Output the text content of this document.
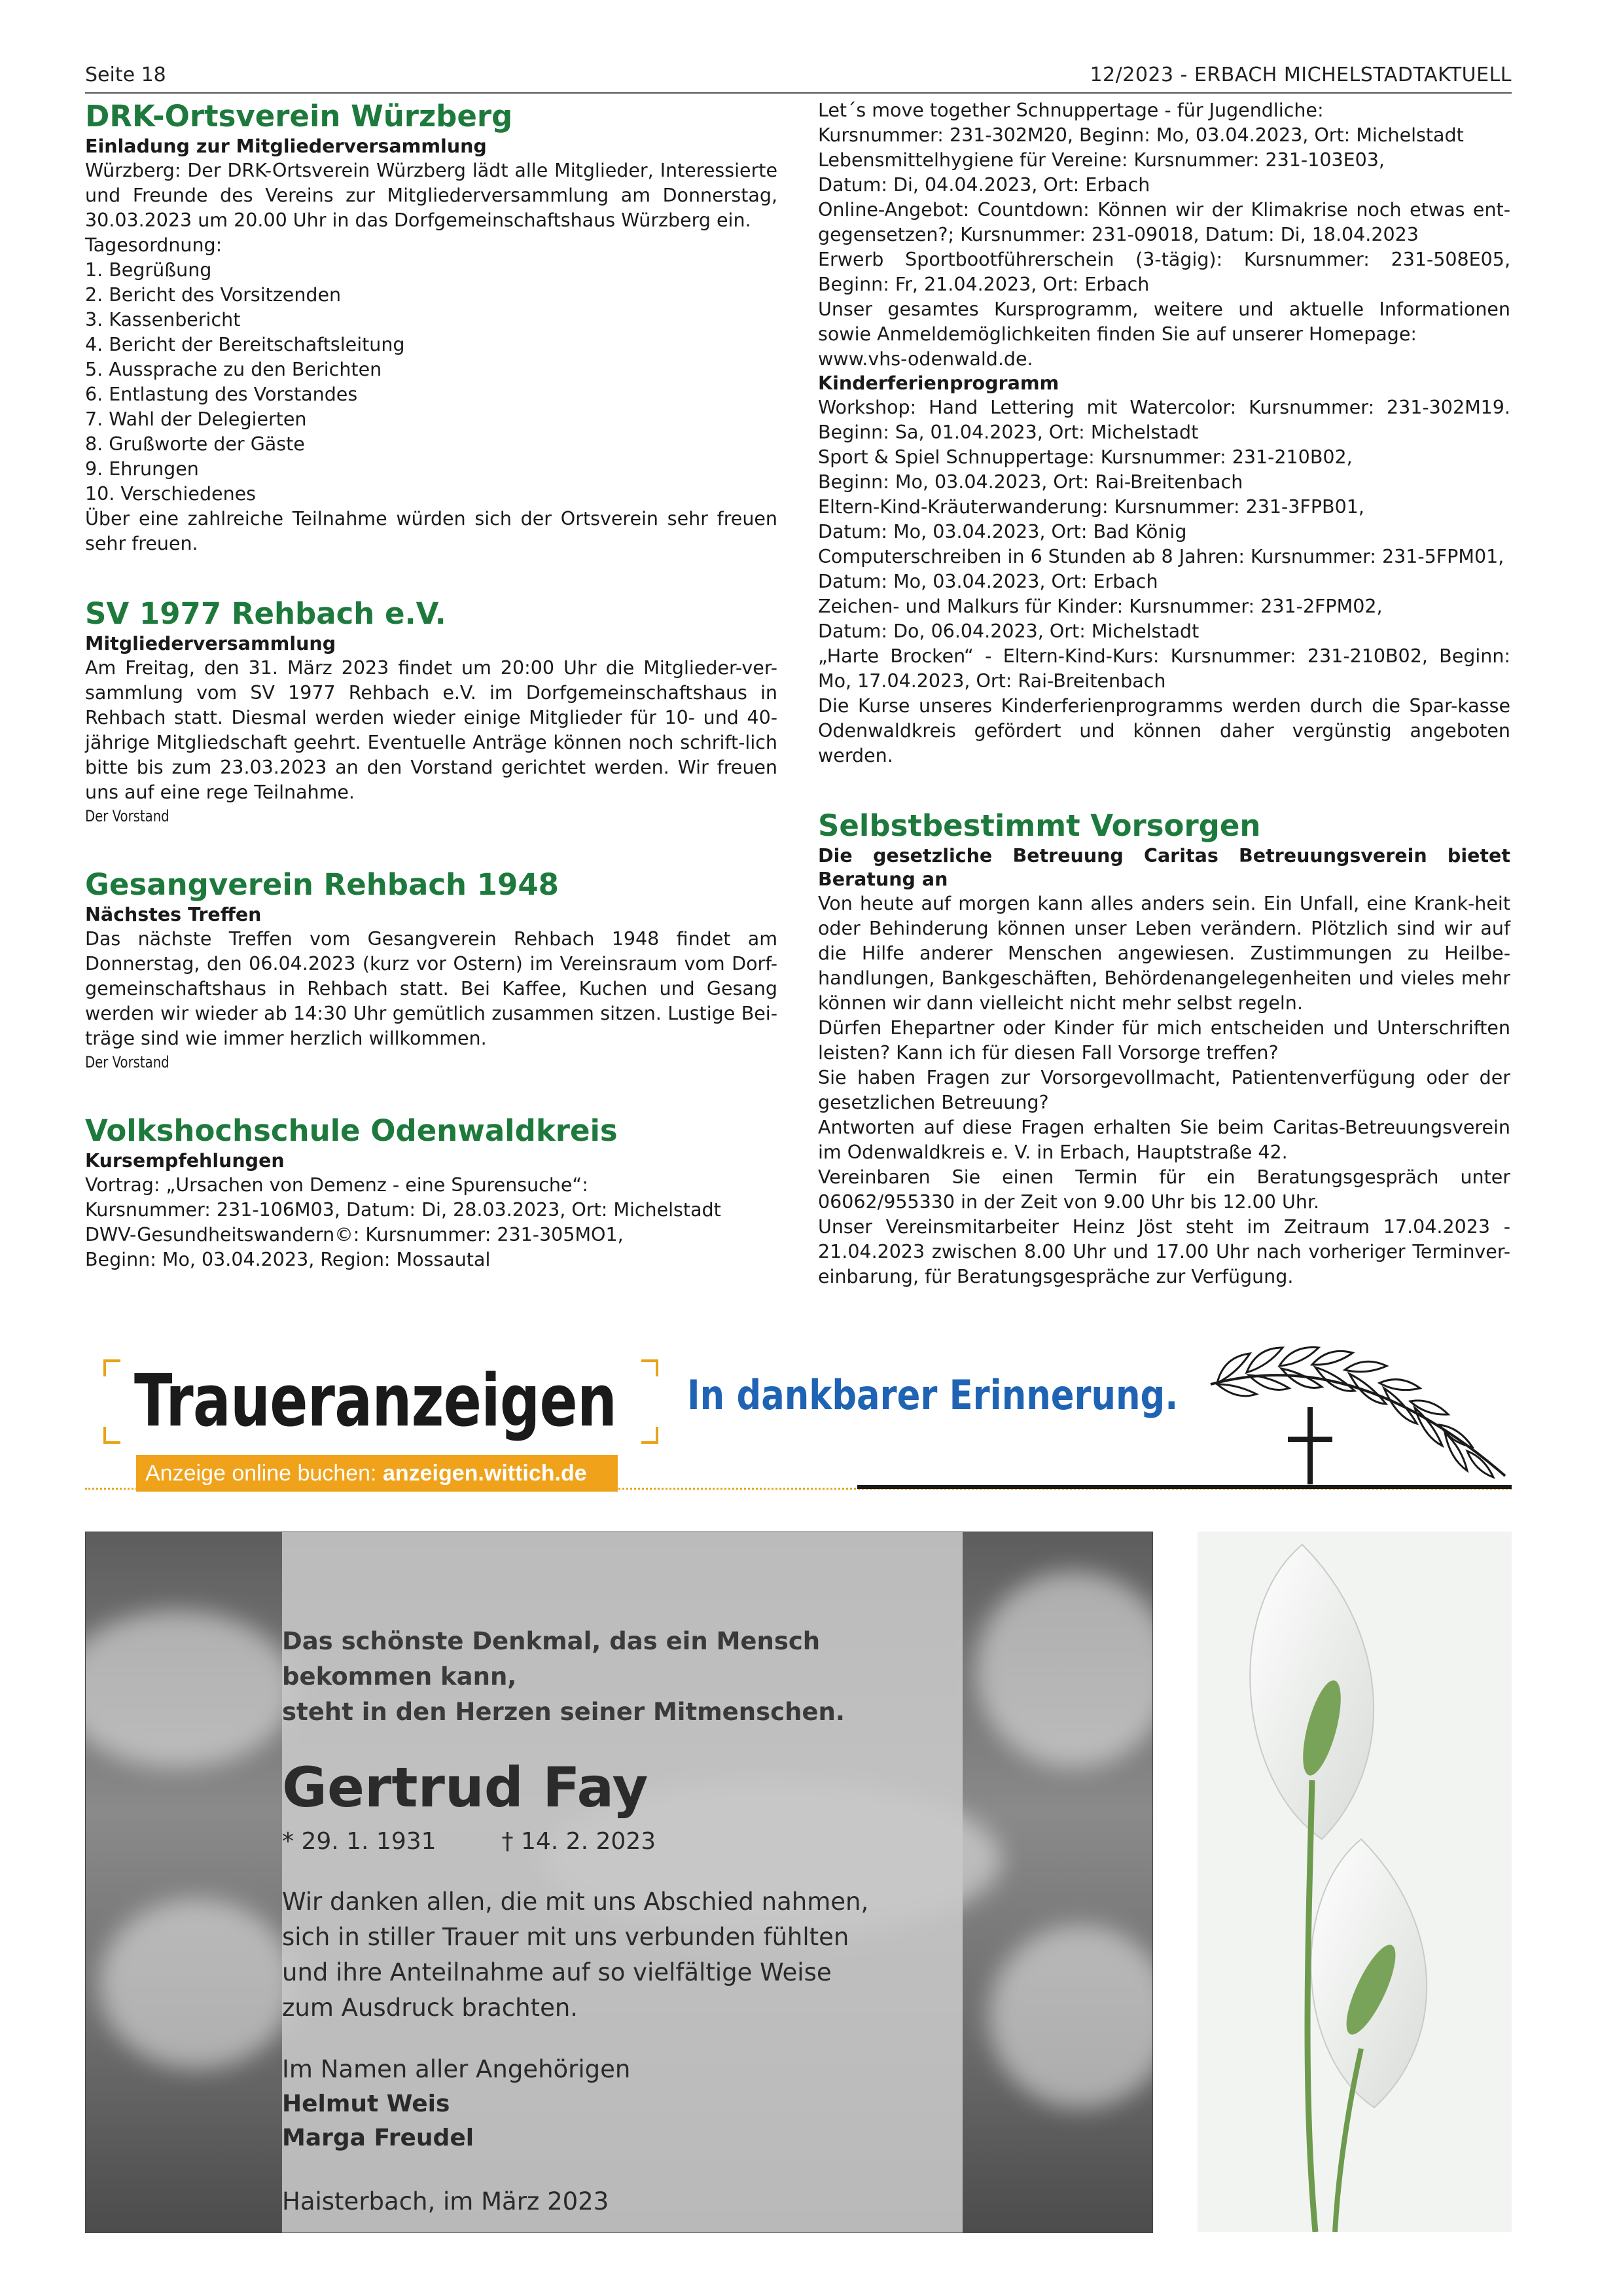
Seite 18	12/2023 - ERBACH MICHELSTADTAKTUELL
DRK-Ortsverein Würzberg

Einladung zur Mitgliederversammlung

Würzberg: Der DRK-Ortsverein Würzberg lädt alle Mitglieder, Interessierte und Freunde des Vereins zur Mitgliederversammlung am Donnerstag, 30.03.2023 um 20.00 Uhr in das Dorfgemeinschaftshaus Würzberg ein.

Tagesordnung:

1. Begrüßung

2. Bericht des Vorsitzenden

3. Kassenbericht

4. Bericht der Bereitschaftsleitung

5. Aussprache zu den Berichten

6. Entlastung des Vorstandes

7. Wahl der Delegierten

8. Grußworte der Gäste

9. Ehrungen

10. Verschiedenes

Über eine zahlreiche Teilnahme würden sich der Ortsverein sehr freuen sehr freuen.

SV 1977 Rehbach e.V.

Mitgliederversammlung

Am Freitag, den 31. März 2023 findet um 20:00 Uhr die Mitglieder-ver-sammlung vom SV 1977 Rehbach e.V. im Dorfgemeinschaftshaus in Rehbach statt. Diesmal werden wieder einige Mitglieder für 10- und 40-jährige Mitgliedschaft geehrt. Eventuelle Anträge können noch schrift-lich bitte bis zum 23.03.2023 an den Vorstand gerichtet werden. Wir freuen uns auf eine rege Teilnahme.

Der Vorstand

Gesangverein Rehbach 1948

Nächstes Treffen

Das nächste Treffen vom Gesangverein Rehbach 1948 findet am Donnerstag, den 06.04.2023 (kurz vor Ostern) im Vereinsraum vom Dorf-gemeinschaftshaus in Rehbach statt. Bei Kaffee, Kuchen und Gesang werden wir wieder ab 14:30 Uhr gemütlich zusammen sitzen. Lustige Bei-träge sind wie immer herzlich willkommen.

Der Vorstand

Volkshochschule Odenwaldkreis

Kursempfehlungen

Vortrag: „Ursachen von Demenz - eine Spurensuche“:

Kursnummer: 231-106M03, Datum: Di, 28.03.2023, Ort: Michelstadt

DWV-Gesundheitswandern©: Kursnummer: 231-305MO1,

Beginn: Mo, 03.04.2023, Region: Mossautal

Let´s move together Schnuppertage - für Jugendliche:

Kursnummer: 231-302M20, Beginn: Mo, 03.04.2023, Ort: Michelstadt

Lebensmittelhygiene für Vereine: Kursnummer: 231-103E03,

Datum: Di, 04.04.2023, Ort: Erbach

Online-Angebot: Countdown: Können wir der Klimakrise noch etwas ent-gegensetzen?; Kursnummer: 231-09018, Datum: Di, 18.04.2023

Erwerb Sportbootführerschein (3-tägig): Kursnummer: 231-508E05, Beginn: Fr, 21.04.2023, Ort: Erbach

Unser gesamtes Kursprogramm, weitere und aktuelle Informationen sowie Anmeldemöglichkeiten finden Sie auf unserer Homepage:

www.vhs-odenwald.de.

Kinderferienprogramm

Workshop: Hand Lettering mit Watercolor: Kursnummer: 231-302M19. Beginn: Sa, 01.04.2023, Ort: Michelstadt

Sport & Spiel Schnuppertage: Kursnummer: 231-210B02,

Beginn: Mo, 03.04.2023, Ort: Rai-Breitenbach

Eltern-Kind-Kräuterwanderung: Kursnummer: 231-3FPB01,

Datum: Mo, 03.04.2023, Ort: Bad König

Computerschreiben in 6 Stunden ab 8 Jahren: Kursnummer: 231-5FPM01,

Datum: Mo, 03.04.2023, Ort: Erbach

Zeichen- und Malkurs für Kinder: Kursnummer: 231-2FPM02,

Datum: Do, 06.04.2023, Ort: Michelstadt

„Harte Brocken“ - Eltern-Kind-Kurs: Kursnummer: 231-210B02, Beginn: Mo, 17.04.2023, Ort: Rai-Breitenbach

Die Kurse unseres Kinderferienprogramms werden durch die Spar-kasse Odenwaldkreis gefördert und können daher vergünstig angeboten werden.

Selbstbestimmt Vorsorgen

Die gesetzliche Betreuung Caritas Betreuungsverein bietet Beratung an

Von heute auf morgen kann alles anders sein. Ein Unfall, eine Krank-heit oder Behinderung können unser Leben verändern. Plötzlich sind wir auf die Hilfe anderer Menschen angewiesen. Zustimmungen zu Heilbe-handlungen, Bankgeschäften, Behördenangelegenheiten und vieles mehr können wir dann vielleicht nicht mehr selbst regeln.

Dürfen Ehepartner oder Kinder für mich entscheiden und Unterschriften leisten? Kann ich für diesen Fall Vorsorge treffen?

Sie haben Fragen zur Vorsorgevollmacht, Patientenverfügung oder der gesetzlichen Betreuung?

Antworten auf diese Fragen erhalten Sie beim Caritas-Betreuungsverein im Odenwaldkreis e. V. in Erbach, Hauptstraße 42.

Vereinbaren Sie einen Termin für ein Beratungsgespräch unter 06062/955330 in der Zeit von 9.00 Uhr bis 12.00 Uhr.

Unser Vereinsmitarbeiter Heinz Jöst steht im Zeitraum 17.04.2023 - 21.04.2023 zwischen 8.00 Uhr und 17.00 Uhr nach vorheriger Terminver-einbarung, für Beratungsgespräche zur Verfügung.

Traueranzeigen
Anzeige online buchen: anzeigen.wittich.de
In dankbarer Erinnerung.

Das schönste Denkmal, das ein Mensch bekommen kann,

steht in den Herzen seiner Mitmenschen.

Gertrud Fay

* 29. 1. 1931	† 14. 2. 2023

Wir danken allen, die mit uns Abschied nahmen,

sich in stiller Trauer mit uns verbunden fühlten

und ihre Anteilnahme auf so vielfältige Weise

zum Ausdruck brachten.

Im Namen aller Angehörigen

Helmut Weis

Marga Freudel

Haisterbach, im März 2023
